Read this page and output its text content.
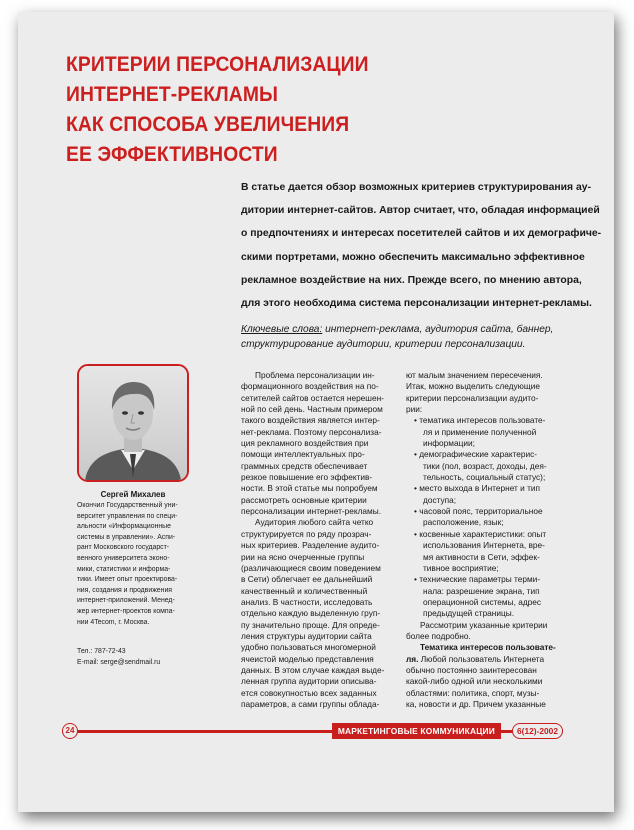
КРИТЕРИИ ПЕРСОНАЛИЗАЦИИ
ИНТЕРНЕТ-РЕКЛАМЫ
КАК СПОСОБА УВЕЛИЧЕНИЯ
ЕЕ ЭФФЕКТИВНОСТИ

В статье дается обзор возможных критериев структурирования ау-
дитории интернет-сайтов. Автор считает, что, обладая информацией
о предпочтениях и интересах посетителей сайтов и их демографиче-
скими портретами, можно обеспечить максимально эффективное
рекламное воздействие на них. Прежде всего, по мнению автора,
для этого необходима система персонализации интернет-рекламы.

Ключевые слова: интернет-реклама, аудитория сайта, баннер,
структурирование аудитории, критерии персонализации.

Сергей Михалев

Окончил Государственный уни-
верситет управления по специ-
альности «Информационные
системы в управлении». Аспи-
рант Московского государст-
венного университета эконо-
мики, статистики и информа-
тики. Имеет опыт проектирова-
ния, создания и продвижения
интернет-приложений. Менед-
жер интернет-проектов компа-
нии 4Tecom, г. Москва.

Тел.: 787-72-43
E-mail: serge@sendmail.ru
Проблема персонализации ин-
формационного воздействия на по-
сетителей сайтов остается нерешен-
ной по сей день. Частным примером
такого воздействия является интер-
нет-реклама. Поэтому персонализа-
ция рекламного воздействия при
помощи интеллектуальных про-
граммных средств обеспечивает
резкое повышение его эффектив-
ности. В этой статье мы попробуем
рассмотреть основные критерии
персонализации интернет-рекламы.
Аудитория любого сайта четко
структурируется по ряду прозрач-
ных критериев. Разделение аудито-
рии на ясно очерченные группы
(различающиеся своим поведением
в Сети) облегчает ее дальнейший
качественный и количественный
анализ. В частности, исследовать
отдельно каждую выделенную груп-
пу значительно проще. Для опреде-
ления структуры аудитории сайта
удобно пользоваться многомерной
ячеистой моделью представления
данных. В этом случае каждая выде-
ленная группа аудитории описыва-
ется совокупностью всех заданных
параметров, а сами группы облада-
ют малым значением пересечения.
Итак, можно выделить следующие
критерии персонализации аудито-
рии:
• тематика интересов пользовате-
ля и применение полученной
информации;
• демографические характерис-
тики (пол, возраст, доходы, дея-
тельность, социальный статус);
• место выхода в Интернет и тип
доступа;
• часовой пояс, территориальное
расположение, язык;
• косвенные характеристики: опыт
использования Интернета, вре-
мя активности в Сети, эффек-
тивное восприятие;
• технические параметры терми-
нала: разрешение экрана, тип
операционной системы, адрес
предыдущей страницы.
Рассмотрим указанные критерии
более подробно.
Тематика интересов пользовате-
ля. Любой пользователь Интернета
обычно постоянно заинтересован
какой-либо одной или несколькими
областями: политика, спорт, музы-
ка, новости и др. Причем указанные
24	МАРКЕТИНГОВЫЕ КОММУНИКАЦИИ	6(12)-2002
